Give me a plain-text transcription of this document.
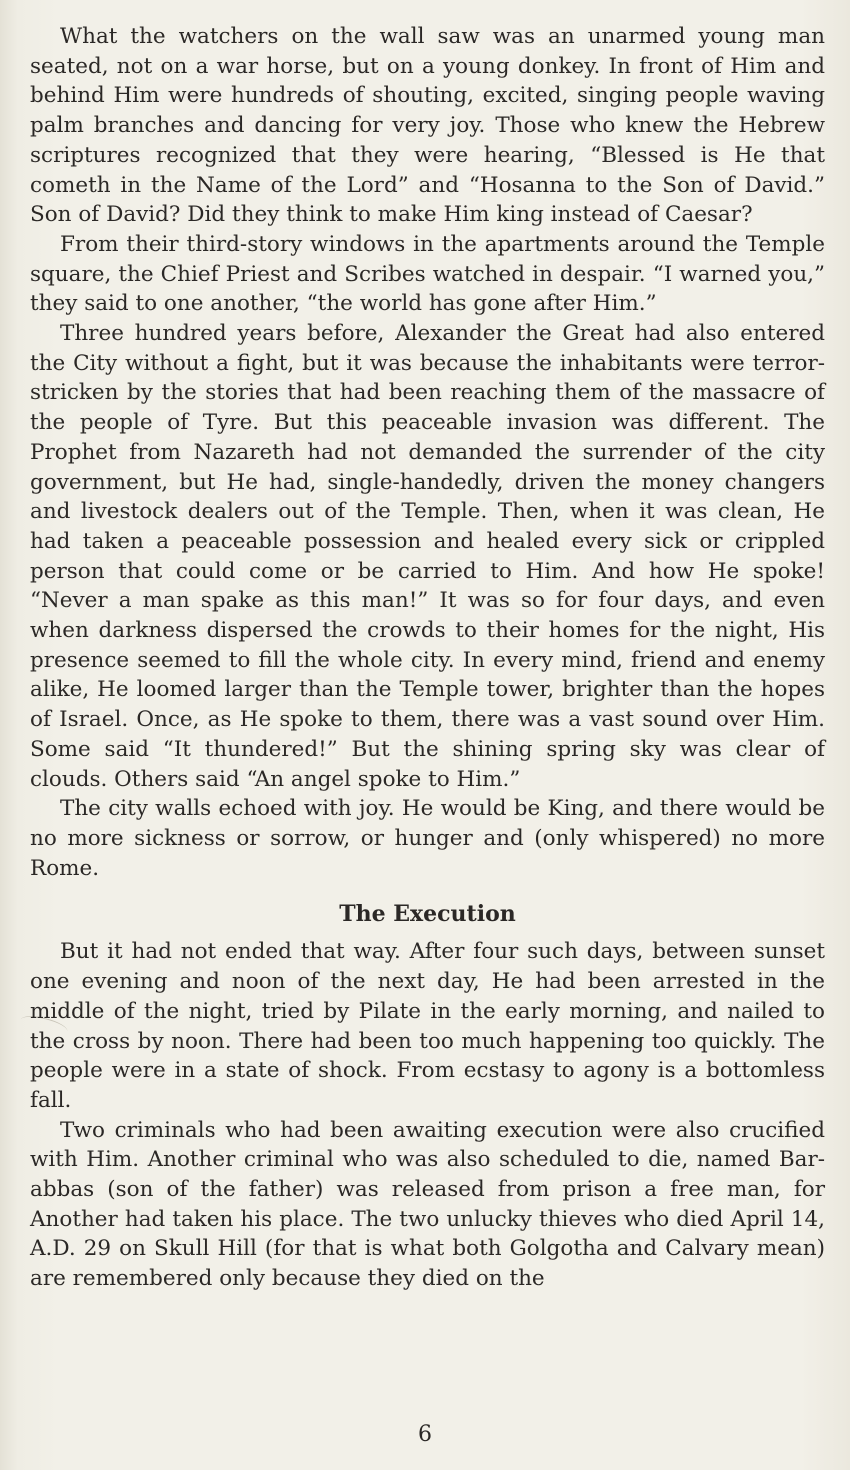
What the watchers on the wall saw was an unarmed young man seated, not on a war horse, but on a young donkey. In front of Him and behind Him were hundreds of shouting, excited, singing people waving palm branches and dancing for very joy. Those who knew the Hebrew scriptures recognized that they were hearing, “Blessed is He that cometh in the Name of the Lord” and “Hosanna to the Son of David.” Son of David? Did they think to make Him king instead of Caesar?

From their third-story windows in the apartments around the Temple square, the Chief Priest and Scribes watched in despair. “I warned you,” they said to one another, “the world has gone after Him.”

Three hundred years before, Alexander the Great had also entered the City without a fight, but it was because the inhabitants were terror-stricken by the stories that had been reaching them of the massacre of the people of Tyre. But this peaceable invasion was different. The Prophet from Nazareth had not demanded the surrender of the city government, but He had, single-handedly, driven the money changers and livestock dealers out of the Temple. Then, when it was clean, He had taken a peaceable possession and healed every sick or crippled person that could come or be carried to Him. And how He spoke! “Never a man spake as this man!” It was so for four days, and even when darkness dispersed the crowds to their homes for the night, His presence seemed to fill the whole city. In every mind, friend and enemy alike, He loomed larger than the Temple tower, brighter than the hopes of Israel. Once, as He spoke to them, there was a vast sound over Him. Some said “It thundered!” But the shining spring sky was clear of clouds. Others said “An angel spoke to Him.”

The city walls echoed with joy. He would be King, and there would be no more sickness or sorrow, or hunger and (only whispered) no more Rome.

The Execution

But it had not ended that way. After four such days, between sunset one evening and noon of the next day, He had been arrested in the middle of the night, tried by Pilate in the early morning, and nailed to the cross by noon. There had been too much happening too quickly. The people were in a state of shock. From ecstasy to agony is a bottomless fall.

Two criminals who had been awaiting execution were also crucified with Him. Another criminal who was also scheduled to die, named Bar-abbas (son of the father) was released from prison a free man, for Another had taken his place. The two unlucky thieves who died April 14, A.D. 29 on Skull Hill (for that is what both Golgotha and Calvary mean) are remembered only because they died on the

6
